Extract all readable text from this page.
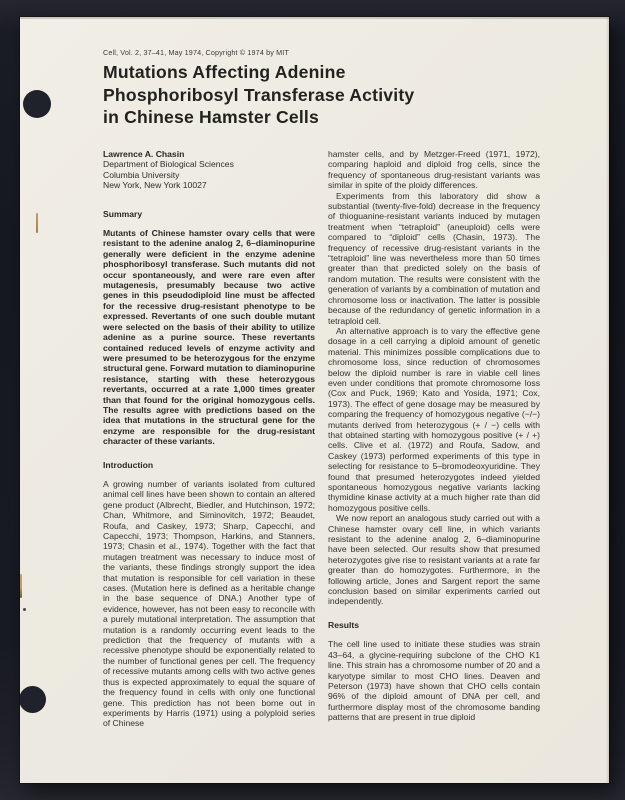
Cell, Vol. 2, 37–41, May 1974, Copyright © 1974 by MIT
Mutations Affecting Adenine
Phosphoribosyl Transferase Activity
in Chinese Hamster Cells
Lawrence A. Chasin
Department of Biological Sciences
Columbia University
New York, New York 10027
Summary
Mutants of Chinese hamster ovary cells that were resistant to the adenine analog 2, 6–diaminopurine generally were deficient in the enzyme adenine phosphoribosyl transferase. Such mutants did not occur spontaneously, and were rare even after mutagenesis, presumably because two active genes in this pseudodiploid line must be affected for the recessive drug-resistant phenotype to be expressed. Revertants of one such double mutant were selected on the basis of their ability to utilize adenine as a purine source. These revertants contained reduced levels of enzyme activity and were presumed to be heterozygous for the enzyme structural gene. Forward mutation to diaminopurine resistance, starting with these heterozygous revertants, occurred at a rate 1,000 times greater than that found for the original homozygous cells. The results agree with predictions based on the idea that mutations in the structural gene for the enzyme are responsible for the drug-resistant character of these variants.
Introduction
A growing number of variants isolated from cultured animal cell lines have been shown to contain an altered gene product (Albrecht, Biedler, and Hutchinson, 1972; Chan, Whitmore, and Siminovitch, 1972; Beaudet, Roufa, and Caskey, 1973; Sharp, Capecchi, and Capecchi, 1973; Thompson, Harkins, and Stanners, 1973; Chasin et al., 1974). Together with the fact that mutagen treatment was necessary to induce most of the variants, these findings strongly support the idea that mutation is responsible for cell variation in these cases. (Mutation here is defined as a heritable change in the base sequence of DNA.) Another type of evidence, however, has not been easy to reconcile with a purely mutational interpretation. The assumption that mutation is a randomly occurring event leads to the prediction that the frequency of mutants with a recessive phenotype should be exponentially related to the number of functional genes per cell. The frequency of recessive mutants among cells with two active genes thus is expected approximately to equal the square of the frequency found in cells with only one functional gene. This prediction has not been borne out in experiments by Harris (1971) using a polyploid series of Chinese
hamster cells, and by Metzger-Freed (1971, 1972), comparing haploid and diploid frog cells, since the frequency of spontaneous drug-resistant variants was similar in spite of the ploidy differences.
Experiments from this laboratory did show a substantial (twenty-five-fold) decrease in the frequency of thioguanine-resistant variants induced by mutagen treatment when “tetraploid” (aneuploid) cells were compared to “diploid” cells (Chasin, 1973). The frequency of recessive drug-resistant variants in the “tetraploid” line was nevertheless more than 50 times greater than that predicted solely on the basis of random mutation. The results were consistent with the generation of variants by a combination of mutation and chromosome loss or inactivation. The latter is possible because of the redundancy of genetic information in a tetraploid cell.
An alternative approach is to vary the effective gene dosage in a cell carrying a diploid amount of genetic material. This minimizes possible complications due to chromosome loss, since reduction of chromosomes below the diploid number is rare in viable cell lines even under conditions that promote chromosome loss (Cox and Puck, 1969; Kato and Yosida, 1971; Cox, 1973). The effect of gene dosage may be measured by comparing the frequency of homozygous negative (−/−) mutants derived from heterozygous (+ / −) cells with that obtained starting with homozygous positive (+ / +) cells. Clive et al. (1972) and Roufa, Sadow, and Caskey (1973) performed experiments of this type in selecting for resistance to 5–bromodeoxyuridine. They found that presumed heterozygotes indeed yielded spontaneous homozygous negative variants lacking thymidine kinase activity at a much higher rate than did homozygous positive cells.
We now report an analogous study carried out with a Chinese hamster ovary cell line, in which variants resistant to the adenine analog 2, 6–diaminopurine have been selected. Our results show that presumed heterozygotes give rise to resistant variants at a rate far greater than do homozygotes. Furthermore, in the following article, Jones and Sargent report the same conclusion based on similar experiments carried out independently.
Results
The cell line used to initiate these studies was strain 43–64, a glycine-requiring subclone of the CHO K1 line. This strain has a chromosome number of 20 and a karyotype similar to most CHO lines. Deaven and Peterson (1973) have shown that CHO cells contain 96% of the diploid amount of DNA per cell, and furthermore display most of the chromosome banding patterns that are present in true diploid
